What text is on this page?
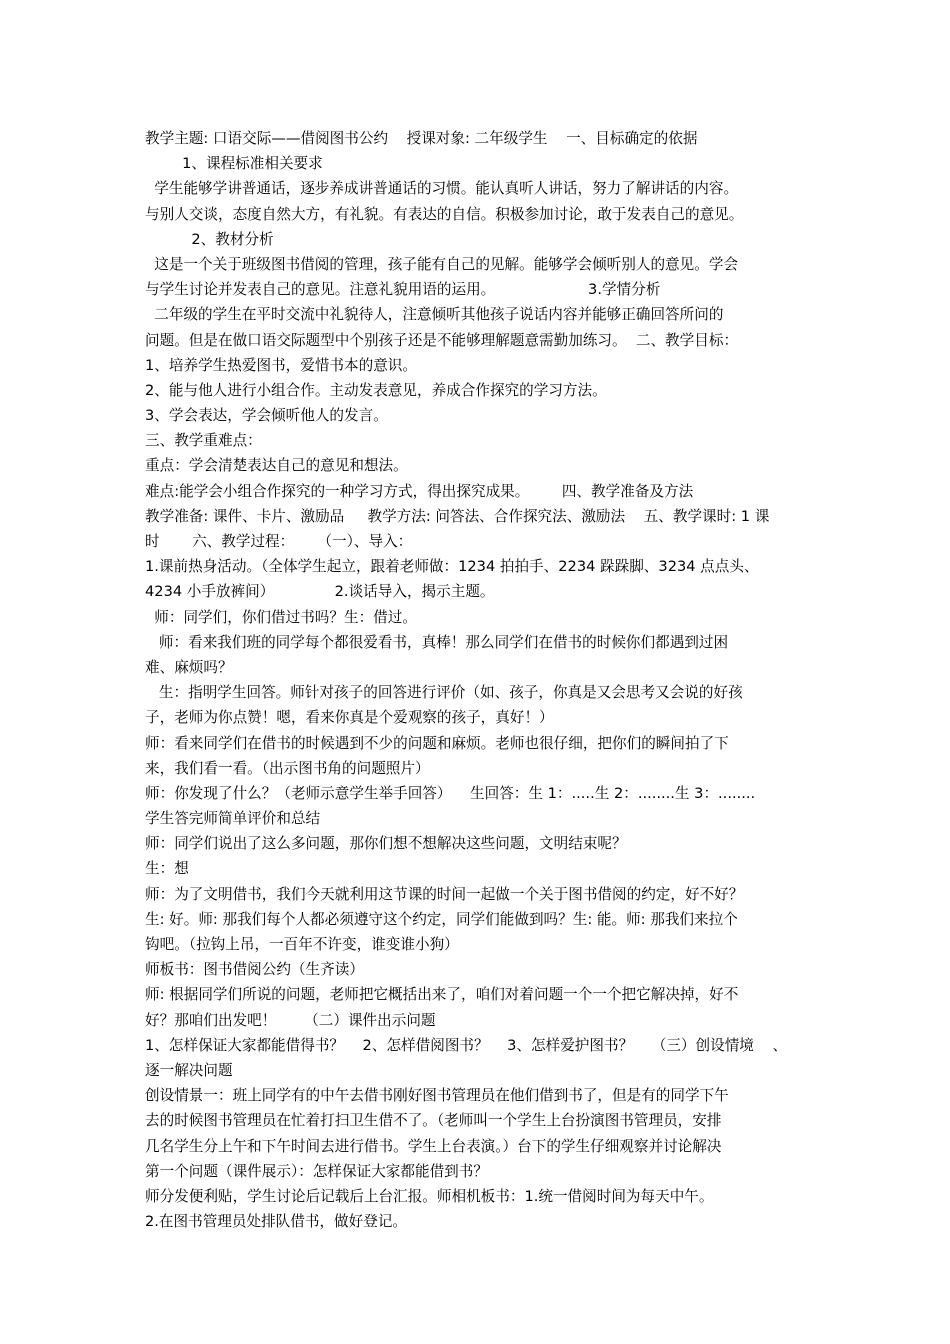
教学主题: 口语交际——借阅图书公约    授课对象: 二年级学生    一、目标确定的依据
1、课程标准相关要求
学生能够学讲普通话，逐步养成讲普通话的习惯。能认真听人讲话，努力了解讲话的内容。
与别人交谈，态度自然大方，有礼貌。有表达的自信。积极参加讨论，敢于发表自己的意见。
2、教材分析
这是一个关于班级图书借阅的管理，孩子能有自己的见解。能够学会倾听别人的意见。学会
与学生讨论并发表自己的意见。注意礼貌用语的运用。                    3.学情分析
二年级的学生在平时交流中礼貌待人，注意倾听其他孩子说话内容并能够正确回答所问的
问题。但是在做口语交际题型中个别孩子还是不能够理解题意需勤加练习。  二、教学目标：
1、培养学生热爱图书，爱惜书本的意识。
2、能与他人进行小组合作。主动发表意见，养成合作探究的学习方法。
3、学会表达，学会倾听他人的发言。
三、教学重难点：
重点：学会清楚表达自己的意见和想法。
难点:能学会小组合作探究的一种学习方式，得出探究成果。       四、教学准备及方法
教学准备: 课件、卡片、激励品     教学方法: 问答法、合作探究法、激励法    五、教学课时: 1 课
时       六、教学过程：     （一）、导入：
1.课前热身活动。（全体学生起立，跟着老师做：1234 拍拍手、2234 跺跺脚、3234 点点头、
4234 小手放裤间）             2.谈话导入，揭示主题。
师：同学们，你们借过书吗？生：借过。
师：看来我们班的同学每个都很爱看书，真棒！那么同学们在借书的时候你们都遇到过困
难、麻烦吗？
生：指明学生回答。师针对孩子的回答进行评价（如、孩子，你真是又会思考又会说的好孩
子，老师为你点赞！嗯，看来你真是个爱观察的孩子，真好！）
师：看来同学们在借书的时候遇到不少的问题和麻烦。老师也很仔细，把你们的瞬间拍了下
来，我们看一看。（出示图书角的问题照片）
师：你发现了什么？（老师示意学生举手回答）    生回答：生 1：.....生 2：........生 3：........
学生答完师简单评价和总结
师：同学们说出了这么多问题，那你们想不想解决这些问题，文明结束呢？
生：想
师：为了文明借书，我们今天就利用这节课的时间一起做一个关于图书借阅的约定，好不好？
生: 好。师: 那我们每个人都必须遵守这个约定，同学们能做到吗？生: 能。师: 那我们来拉个
钩吧。（拉钩上吊，一百年不许变，谁变谁小狗）
师板书：图书借阅公约（生齐读）
师: 根据同学们所说的问题，老师把它概括出来了，咱们对着问题一个一个把它解决掉，好不
好？那咱们出发吧！      （二）课件出示问题
1、怎样保证大家都能借得书？    2、怎样借阅图书？    3、怎样爱护图书？    （三）创设情境    、
逐一解决问题
创设情景一：班上同学有的中午去借书刚好图书管理员在他们借到书了，但是有的同学下午
去的时候图书管理员在忙着打扫卫生借不了。（老师叫一个学生上台扮演图书管理员，安排
几名学生分上午和下午时间去进行借书。学生上台表演。）台下的学生仔细观察并讨论解决
第一个问题（课件展示）：怎样保证大家都能借到书？
师分发便利贴，学生讨论后记载后上台汇报。师相机板书：1.统一借阅时间为每天中午。
2.在图书管理员处排队借书，做好登记。
